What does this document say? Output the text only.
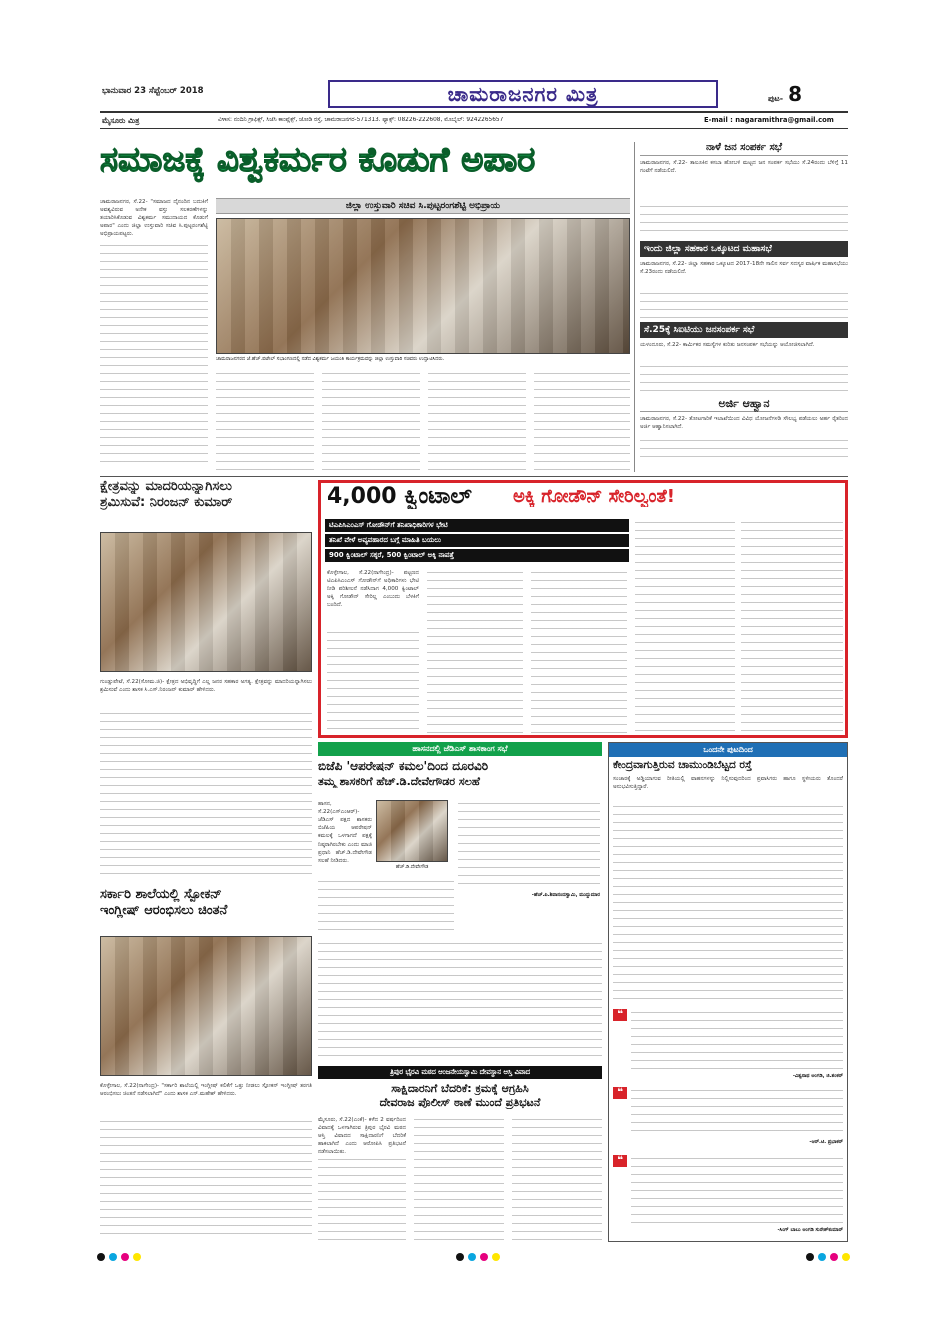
ಭಾನುವಾರ 23 ಸೆಪ್ಟೆಂಬರ್ 2018	ಚಾಮರಾಜನಗರ ಮಿತ್ರ	ಪುಟ- 8
ಮೈಸೂರು ಮಿತ್ರ	ವಿಳಾಸ: ನಂದಿನಿ ಗ್ರಾಫಿಕ್ಸ್, ಸಿಜೆಸಿ ಕಾಂಪ್ಲೆಕ್ಸ್, ಜೋಡಿ ರಸ್ತೆ, ಚಾಮರಾಜನಗರ-571313. ಫ್ಯಾಕ್ಸ್: 08226-222608, ಮೊಬೈಲ್: 9242265657	E-mail : nagaramithra@gmail.com
ಸಮಾಜಕ್ಕೆ ವಿಶ್ವಕರ್ಮರ ಕೊಡುಗೆ ಅಪಾರ
ಚಾಮರಾಜನಗರ, ಸೆ.22- "ಸಮಾಜದ ದೈನಂದಿನ ಬದುಕಿಗೆ ಅವಶ್ಯವಿರುವ ಅನೇಕ ವಸ್ತು ಸಲಕರಣೆಗಳನ್ನು ತಯಾರಿಸಿಕೊಡುವ ವಿಶ್ವಕರ್ಮ ಸಮುದಾಯದ ಕೊಡುಗೆ ಅಪಾರ" ಎಂದು ಜಿಲ್ಲಾ ಉಸ್ತುವಾರಿ ಸಚಿವ ಸಿ.ಪುಟ್ಟರಂಗಶೆಟ್ಟಿ ಅಭಿಪ್ರಾಯಪಟ್ಟರು.
ಜಿಲ್ಲಾ ಉಸ್ತುವಾರಿ ಸಚಿವ ಸಿ.ಪುಟ್ಟರಂಗಶೆಟ್ಟಿ ಅಭಿಪ್ರಾಯ
ಚಾಮರಾಜನಗರದ ಜೆ.ಹೆಚ್.ಪಟೇಲ್ ಸಭಾಂಗಣದಲ್ಲಿ ನಡೆದ ವಿಶ್ವಕರ್ಮ ಜಯಂತಿ ಕಾರ್ಯಕ್ರಮವನ್ನು ಜಿಲ್ಲಾ ಉಸ್ತುವಾರಿ ಸಚಿವರು ಉದ್ಘಾಟಿಸಿದರು.
ನಾಳೆ ಜನ ಸಂಪರ್ಕ ಸಭೆ
ಚಾಮರಾಜನಗರ, ಸೆ.22- ತಾಲೂಕಿನ ಕಸಬಾ ಹೋಬಳಿ ಮಟ್ಟದ ಜನ ಸಂಪರ್ಕ ಸಭೆಯು ಸೆ.24ರಂದು ಬೆಳಿಗ್ಗೆ 11 ಗಂಟೆಗೆ ನಡೆಯಲಿದೆ.
ಇಂದು ಜಿಲ್ಲಾ ಸಹಕಾರ ಒಕ್ಕೂಟದ ಮಹಾಸಭೆ
ಚಾಮರಾಜನಗರ, ಸೆ.22- ಜಿಲ್ಲಾ ಸಹಕಾರ ಒಕ್ಕೂಟದ 2017-18ನೇ ಸಾಲಿನ ಸರ್ವ ಸದಸ್ಯರ ವಾರ್ಷಿಕ ಮಹಾಸಭೆಯು ಸೆ.23ರಂದು ನಡೆಯಲಿದೆ.
ಸೆ.25ಕ್ಕೆ ಸಿಐಟಿಯು ಜನಸಂಪರ್ಕ ಸಭೆ
ಯಳಂದೂರು, ಸೆ.22- ಕಾರ್ಮಿಕರ ಸಮಸ್ಯೆಗಳ ಕುರಿತು ಜನಸಂಪರ್ಕ ಸಭೆಯನ್ನು ಆಯೋಜಿಸಲಾಗಿದೆ.
ಅರ್ಜಿ ಆಹ್ವಾನ
ಚಾಮರಾಜನಗರ, ಸೆ.22- ತೋಟಗಾರಿಕೆ ಇಲಾಖೆಯಿಂದ ವಿವಿಧ ಯೋಜನೆಗಳಡಿ ಸೌಲಭ್ಯ ಪಡೆಯಲು ಅರ್ಹ ರೈತರಿಂದ ಅರ್ಜಿ ಆಹ್ವಾನಿಸಲಾಗಿದೆ.
ಕ್ಷೇತ್ರವನ್ನು ಮಾದರಿಯನ್ನಾಗಿಸಲು
ಶ್ರಮಿಸುವೆ: ನಿರಂಜನ್ ಕುಮಾರ್
ಗುಂಡ್ಲುಪೇಟೆ, ಸೆ.22(ಸೋಮ.ಜಿ)- ಕ್ಷೇತ್ರದ ಅಭಿವೃದ್ಧಿಗೆ ಎಲ್ಲ ಜನರ ಸಹಕಾರ ಅಗತ್ಯ. ಕ್ಷೇತ್ರವನ್ನು ಮಾದರಿಯನ್ನಾಗಿಸಲು ಶ್ರಮಿಸುವೆ ಎಂದು ಶಾಸಕ ಸಿ.ಎಸ್.ನಿರಂಜನ್ ಕುಮಾರ್ ಹೇಳಿದರು.
4,000 ಕ್ವಿಂಟಾಲ್ ಅಕ್ಕಿ ಗೋಡೌನ್ ಸೇರಿಲ್ವಂತೆ!
ಟಿಎಪಿಸಿಎಂಎಸ್ ಗೋಡೌನ್‌ಗೆ ತನಿಖಾಧಿಕಾರಿಗಳ ಭೇಟಿ
ತನಿಖೆ ವೇಳೆ ಅವ್ಯವಹಾರದ ಬಗ್ಗೆ ಮಾಹಿತಿ ಬಯಲು
900 ಕ್ವಿಂಟಾಲ್ ಸಕ್ಕರೆ, 500 ಕ್ವಿಂಟಾಲ್ ಅಕ್ಕಿ ನಾಪತ್ತೆ
ಕೊಳ್ಳೇಗಾಲ, ಸೆ.22(ನಾಗೇಂದ್ರ)- ಪಟ್ಟಣದ ಟಿಎಪಿಸಿಎಂಎಸ್ ಗೋಡೌನ್‌ಗೆ ಅಧಿಕಾರಿಗಳು ಭೇಟಿ ನೀಡಿ ಪರಿಶೀಲನೆ ನಡೆಸಿದಾಗ 4,000 ಕ್ವಿಂಟಾಲ್ ಅಕ್ಕಿ ಗೋಡೌನ್ ಸೇರಿಲ್ಲ ಎಂಬುದು ಬೆಳಕಿಗೆ ಬಂದಿದೆ.
ಹಾಸನದಲ್ಲಿ ಜೆಡಿಎಸ್ ಶಾಸಕಾಂಗ ಸಭೆ
ಬಿಜೆಪಿ 'ಆಪರೇಷನ್ ಕಮಲ'ದಿಂದ ದೂರವಿರಿ
ತಮ್ಮ ಶಾಸಕರಿಗೆ ಹೆಚ್.ಡಿ.ದೇವೇಗೌಡರ ಸಲಹೆ
ಹೆಚ್.ಡಿ.ದೇವೇಗೌಡ
ಹಾಸನ, ಸೆ.22(ಎಸ್‌ಎಂಆರ್)- ಜೆಡಿಎಸ್ ಪಕ್ಷದ ಶಾಸಕರು ಬಿಜೆಪಿಯ ಆಪರೇಷನ್ ಕಮಲಕ್ಕೆ ಒಳಗಾಗದೆ ಪಕ್ಷಕ್ಕೆ ನಿಷ್ಠರಾಗಿರಬೇಕು ಎಂದು ಮಾಜಿ ಪ್ರಧಾನಿ ಹೆಚ್.ಡಿ.ದೇವೇಗೌಡ ಸಲಹೆ ನೀಡಿದರು.
-ಹೆಚ್.ಪಿ.ಶಿವಾನಂದಸ್ವಾಮಿ, ಮುದ್ದುಮಾರ
ಒಂದನೇ ಪುಟದಿಂದ
ಕೇಂದ್ರವಾಗುತ್ತಿರುವ ಚಾಮುಂಡಿಬೆಟ್ಟದ ರಸ್ತೆ
ಸಂಚಾರಕ್ಕೆ ಅಡ್ಡಿಯಾಗುವ ರೀತಿಯಲ್ಲಿ ವಾಹನಗಳನ್ನು ನಿಲ್ಲಿಸುವುದರಿಂದ ಪ್ರವಾಸಿಗರು ಹಾಗೂ ಸ್ಥಳೀಯರು ತೊಂದರೆ ಅನುಭವಿಸುತ್ತಿದ್ದಾರೆ.
❝
-ವಿಶ್ವನಾಥ ಅಂಗಡಿ, ಜಿ.ಶಂಕರ್
❝
-ಆರ್.ಟಿ. ಪ್ರಭಾಕರ್
❝
-ಸಿಂಗ್ ಬಾಬು ಅಂಗಡಿ ಸುರೇಶ್‌ಕುಮಾರ್
ಸರ್ಕಾರಿ ಶಾಲೆಯಲ್ಲಿ ಸ್ಪೋಕನ್
ಇಂಗ್ಲೀಷ್ ಆರಂಭಿಸಲು ಚಿಂತನೆ
ಕೊಳ್ಳೇಗಾಲ, ಸೆ.22(ನಾಗೇಂದ್ರ)- "ಸರ್ಕಾರಿ ಶಾಲೆಯಲ್ಲಿ ಇಂಗ್ಲೀಷ್ ಕಲಿಕೆಗೆ ಒತ್ತು ನೀಡಲು ಸ್ಪೋಕನ್ ಇಂಗ್ಲೀಷ್ ತರಗತಿ ಆರಂಭಿಸಲು ಚಿಂತನೆ ನಡೆಸಲಾಗಿದೆ" ಎಂದು ಶಾಸಕ ಎನ್.ಮಹೇಶ್ ಹೇಳಿದರು.
ತ್ರಿಪುರ ಭೈರವಿ ಮಠದ ಆಂಜನೇಯಸ್ವಾಮಿ ದೇವಸ್ಥಾನ ಆಸ್ತಿ ವಿವಾದ
ಸಾಕ್ಷಿದಾರನಿಗೆ ಬೆದರಿಕೆ: ಕ್ರಮಕ್ಕೆ ಆಗ್ರಹಿಸಿ
ದೇವರಾಜ ಪೊಲೀಸ್ ಠಾಣೆ ಮುಂದೆ ಪ್ರತಿಭಟನೆ
ಮೈಸೂರು, ಸೆ.22(ಎಂಕೆ)- ಕಳೆದ 2 ವರ್ಷದಿಂದ ವಿವಾದಕ್ಕೆ ಒಳಗಾಗಿರುವ ತ್ರಿಪುರ ಭೈರವಿ ಮಠದ ಆಸ್ತಿ ವಿವಾದದ ಸಾಕ್ಷಿದಾರನಿಗೆ ಬೆದರಿಕೆ ಹಾಕಲಾಗಿದೆ ಎಂದು ಆರೋಪಿಸಿ ಪ್ರತಿಭಟನೆ ನಡೆಸಲಾಯಿತು.
